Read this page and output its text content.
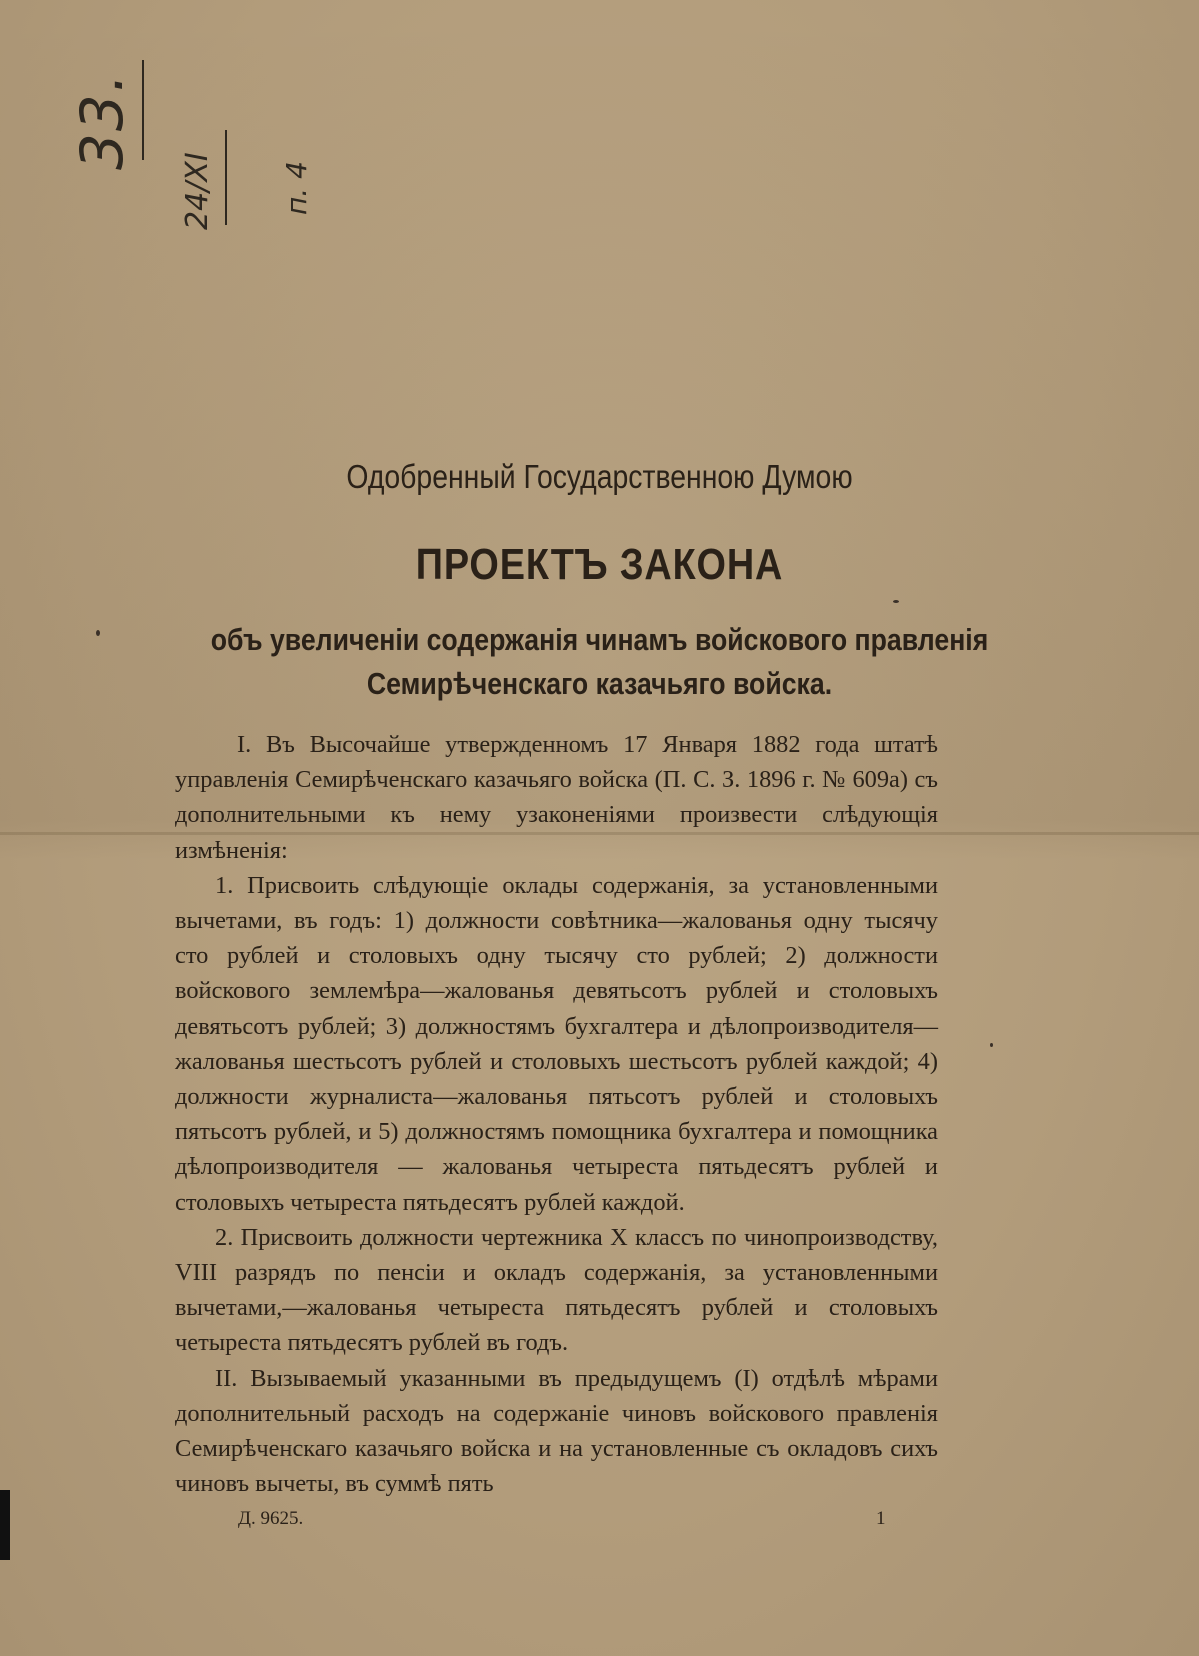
33.
24/XI п. 4
Одобренный Государственною Думою
ПРОЕКТЪ ЗАКОНА
объ увеличенiи содержанiя чинамъ войскового правленiя
Семирѣченскаго казачьяго войска.

I. Въ Высочайше утвержденномъ 17 Января 1882 года штатѣ управленiя Семирѣченскаго казачьяго войска (П. С. З. 1896 г. № 609а) съ дополнительными къ нему узаконенiями произвести слѣдующiя измѣненiя:

1. Присвоить слѣдующiе оклады содержанiя, за установленными вычетами, въ годъ: 1) должности совѣтника—жалованья одну тысячу сто рублей и столовыхъ одну тысячу сто рублей; 2) должности войскового землемѣра—жалованья девятьсотъ рублей и столовыхъ девятьсотъ рублей; 3) должностямъ бухгалтера и дѣлопроизводителя—жалованья шестьсотъ рублей и столовыхъ шестьсотъ рублей каждой; 4) должности журналиста—жалованья пятьсотъ рублей и столовыхъ пятьсотъ рублей, и 5) должностямъ помощника бухгалтера и помощника дѣлопроизводителя — жалованья четыреста пятьдесятъ рублей и столовыхъ четыреста пятьдесятъ рублей каждой.

2. Присвоить должности чертежника X классъ по чинопроизводству, VIII разрядъ по пенсiи и окладъ содержанiя, за установленными вычетами,—жалованья четыреста пятьдесятъ рублей и столовыхъ четыреста пятьдесятъ рублей въ годъ.

II. Вызываемый указанными въ предыдущемъ (I) отдѣлѣ мѣрами дополнительный расходъ на содержанiе чиновъ войскового правленiя Семирѣченскаго казачьяго войска и на установленные съ окладовъ сихъ чиновъ вычеты, въ суммѣ пять

Д. 9625.	1
